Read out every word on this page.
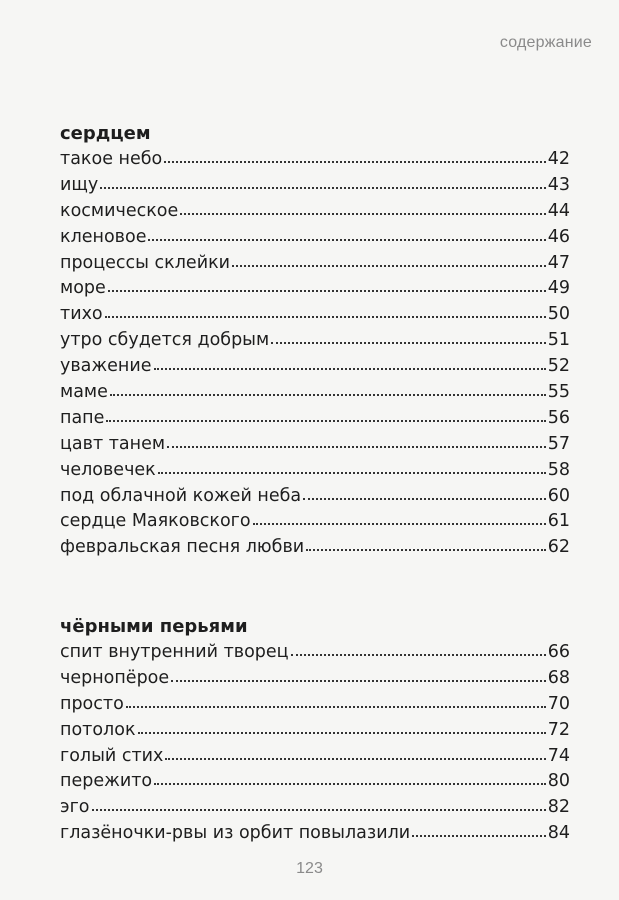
содержание
сердцем
такое небо	42
ищу	43
космическое	44
кленовое	46
процессы склейки	47
море	49
тихо	50
утро сбудется добрым	51
уважение	52
маме	55
папе	56
цавт танем	57
человечек	58
под облачной кожей неба	60
сердце Маяковского	61
февральская песня любви	62
чёрными перьями
спит внутренний творец	66
чернопёрое	68
просто	70
потолок	72
голый стих	74
пережито	80
эго	82
глазёночки-рвы из орбит повылазили	84
123
